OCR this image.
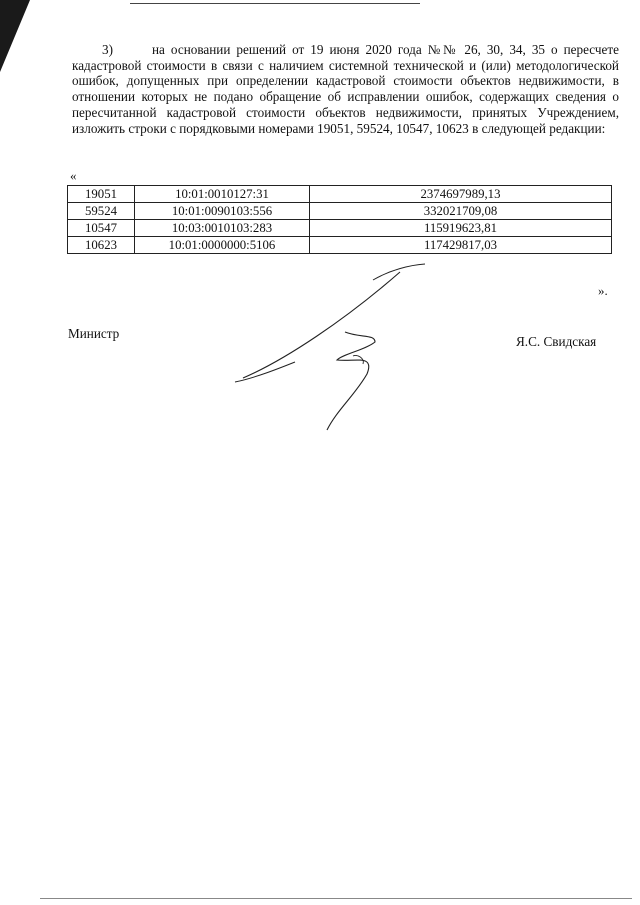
3)	на основании решений от 19 июня 2020 года №№ 26, 30, 34, 35 о пересчете кадастровой стоимости в связи с наличием системной технической и (или) методологической ошибок, допущенных при определении кадастровой стоимости объектов недвижимости, в отношении которых не подано обращение об исправлении ошибок, содержащих сведения о пересчитанной кадастровой стоимости объектов недвижимости, принятых Учреждением, изложить строки с порядковыми номерами 19051, 59524, 10547, 10623 в следующей редакции:
«
19051	10:01:0010127:31	2374697989,13
59524	10:01:0090103:556	332021709,08
10547	10:03:0010103:283	115919623,81
10623	10:01:0000000:5106	117429817,03
».
Министр
Я.С. Свидская
